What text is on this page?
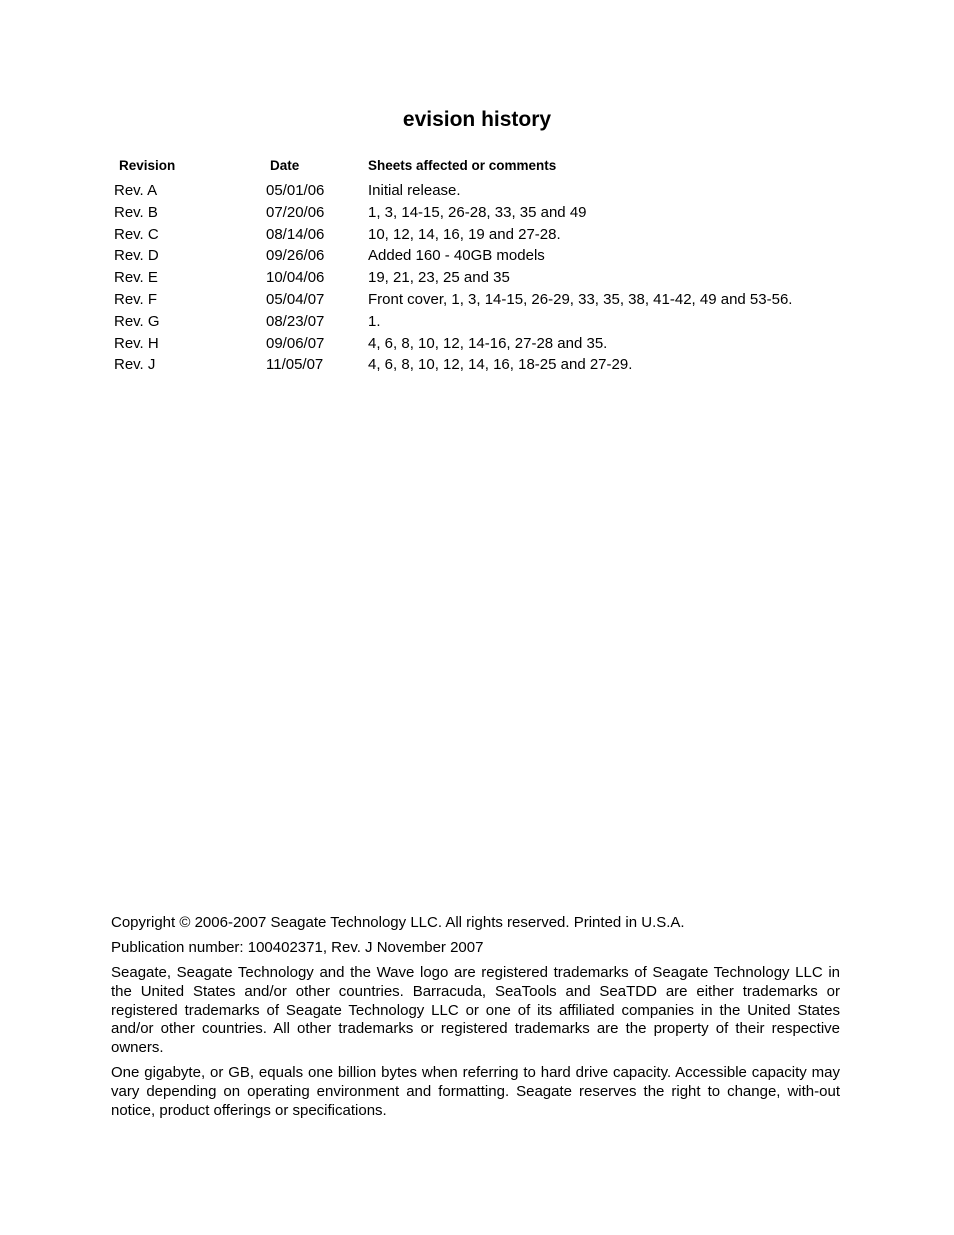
evision history
Revision	Date	Sheets affected or comments
Rev. A	05/01/06	Initial release.
Rev. B	07/20/06	1, 3, 14-15, 26-28, 33, 35 and 49
Rev. C	08/14/06	10, 12, 14, 16, 19 and 27-28.
Rev. D	09/26/06	Added 160 - 40GB models
Rev. E	10/04/06	19, 21, 23, 25 and 35
Rev. F	05/04/07	Front cover, 1, 3, 14-15, 26-29, 33, 35, 38, 41-42, 49 and 53-56.
Rev. G	08/23/07	1.
Rev. H	09/06/07	4, 6, 8, 10, 12, 14-16, 27-28 and 35.
Rev. J	11/05/07	4, 6, 8, 10, 12, 14, 16, 18-25 and 27-29.

Copyright © 2006-2007 Seagate Technology LLC. All rights reserved. Printed in U.S.A.

Publication number: 100402371, Rev. J November 2007

Seagate, Seagate Technology and the Wave logo are registered trademarks of Seagate Technology LLC in the United States and/or other countries. Barracuda, SeaTools and SeaTDD are either trademarks or registered trademarks of Seagate Technology LLC or one of its affiliated companies in the United States and/or other countries. All other trademarks or registered trademarks are the property of their respective owners.

One gigabyte, or GB, equals one billion bytes when referring to hard drive capacity. Accessible capacity may vary depending on operating environment and formatting. Seagate reserves the right to change, with-out notice, product offerings or specifications.
